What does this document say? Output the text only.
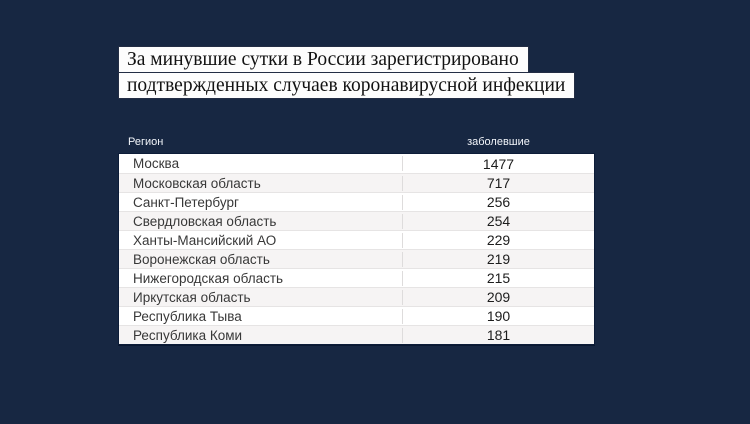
За минувшие сутки в России зарегистрировано
подтвержденных случаев коронавирусной инфекции
Регион	заболевшие
Москва	1477
Московская область	717
Санкт-Петербург	256
Свердловская область	254
Ханты-Мансийский АО	229
Воронежская область	219
Нижегородская область	215
Иркутская область	209
Республика Тыва	190
Республика Коми	181
